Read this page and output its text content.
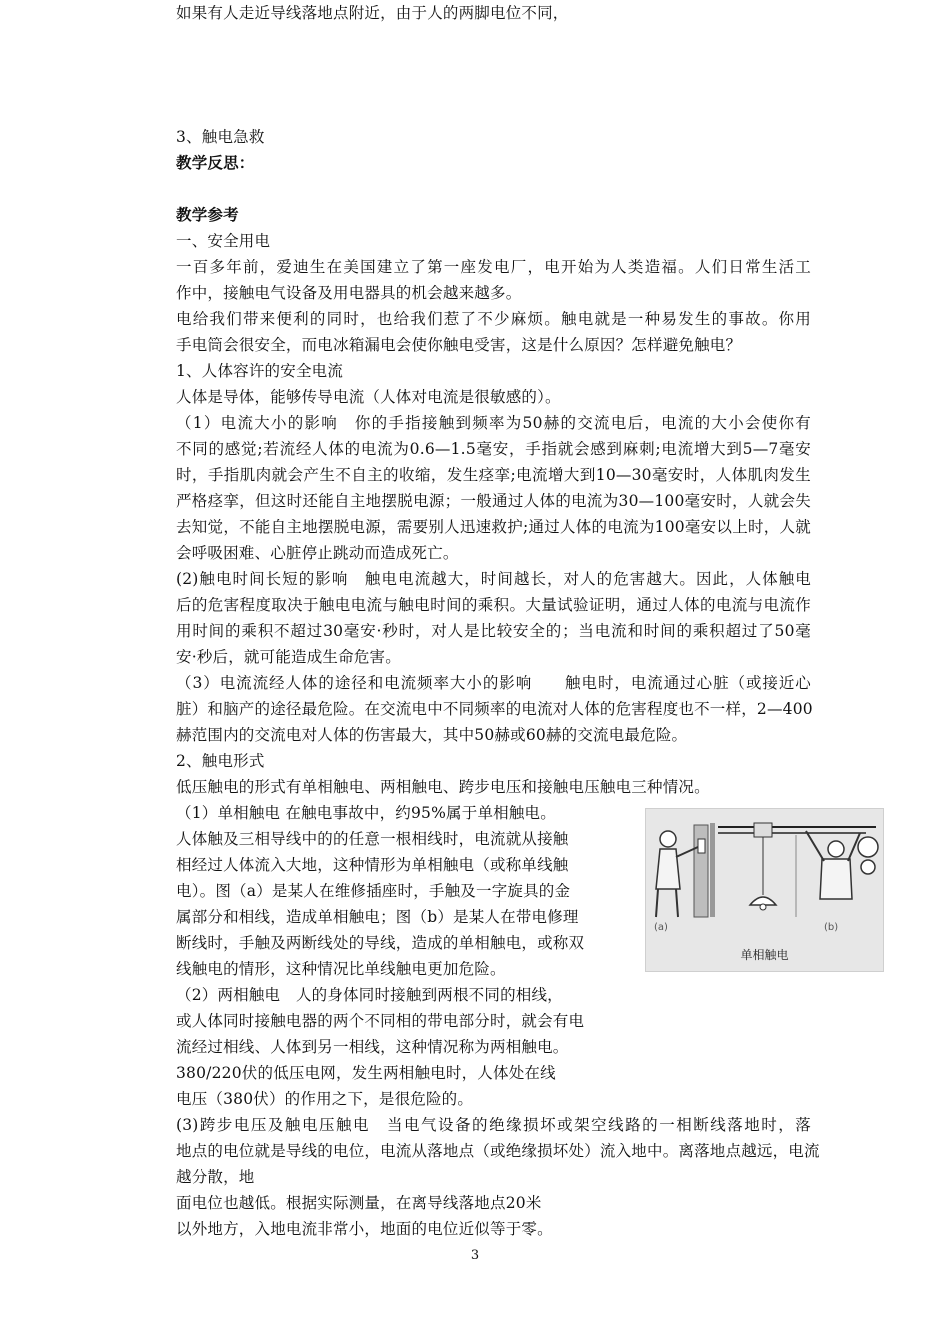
3、触电急救
教学反思：
教学参考
一、安全用电
一百多年前，爱迪生在美国建立了第一座发电厂，电开始为人类造福。人们日常生活工
作中，接触电气设备及用电器具的机会越来越多。
电给我们带来便利的同时，也给我们惹了不少麻烦。触电就是一种易发生的事故。你用
手电筒会很安全，而电冰箱漏电会使你触电受害，这是什么原因？怎样避免触电？
1、人体容许的安全电流
人体是导体，能够传导电流（人体对电流是很敏感的）。
（1）电流大小的影响　你的手指接触到频率为50赫的交流电后，电流的大小会使你有
不同的感觉;若流经人体的电流为0.6—1.5毫安，手指就会感到麻刺;电流增大到5—7毫安
时，手指肌肉就会产生不自主的收缩，发生痉挛;电流增大到10—30毫安时，人体肌肉发生
严格痉挛，但这时还能自主地摆脱电源；一般通过人体的电流为30—100毫安时，人就会失
去知觉，不能自主地摆脱电源，需要别人迅速救护;通过人体的电流为100毫安以上时，人就
会呼吸困难、心脏停止跳动而造成死亡。
(2)触电时间长短的影响　触电电流越大，时间越长，对人的危害越大。因此，人体触电
后的危害程度取决于触电电流与触电时间的乘积。大量试验证明，通过人体的电流与电流作
用时间的乘积不超过30毫安·秒时，对人是比较安全的；当电流和时间的乘积超过了50毫
安·秒后，就可能造成生命危害。
（3）电流流经人体的途径和电流频率大小的影响　　触电时，电流通过心脏（或接近心
脏）和脑产的途径最危险。在交流电中不同频率的电流对人体的危害程度也不一样，2—400
赫范围内的交流电对人体的伤害最大，其中50赫或60赫的交流电最危险。
2、触电形式
低压触电的形式有单相触电、两相触电、跨步电压和接触电压触电三种情况。
（1）单相触电 在触电事故中，约95%属于单相触电。
人体触及三相导线中的的任意一根相线时，电流就从接触
相经过人体流入大地，这种情形为单相触电（或称单线触
电）。图（a）是某人在维修插座时，手触及一字旋具的金
属部分和相线，造成单相触电；图（b）是某人在带电修理
断线时，手触及两断线处的导线，造成的单相触电，或称双
线触电的情形，这种情况比单线触电更加危险。
（2）两相触电　人的身体同时接触到两根不同的相线，
或人体同时接触电器的两个不同相的带电部分时，就会有电
流经过相线、人体到另一相线，这种情况称为两相触电。
380/220伏的低压电网，发生两相触电时，人体处在线
电压（380伏）的作用之下，是很危险的。
(3)跨步电压及触电压触电　当电气设备的绝缘损坏或架空线路的一相断线落地时，落
地点的电位就是导线的电位，电流从落地点（或绝缘损坏处）流入地中。离落地点越远，电流
越分散，地
面电位也越低。根据实际测量，在离导线落地点20米
以外地方，入地电流非常小，地面的电位近似等于零。
如果有人走近导线落地点附近，由于人的两脚电位不同，
(a)	(b)
单相触电
3
